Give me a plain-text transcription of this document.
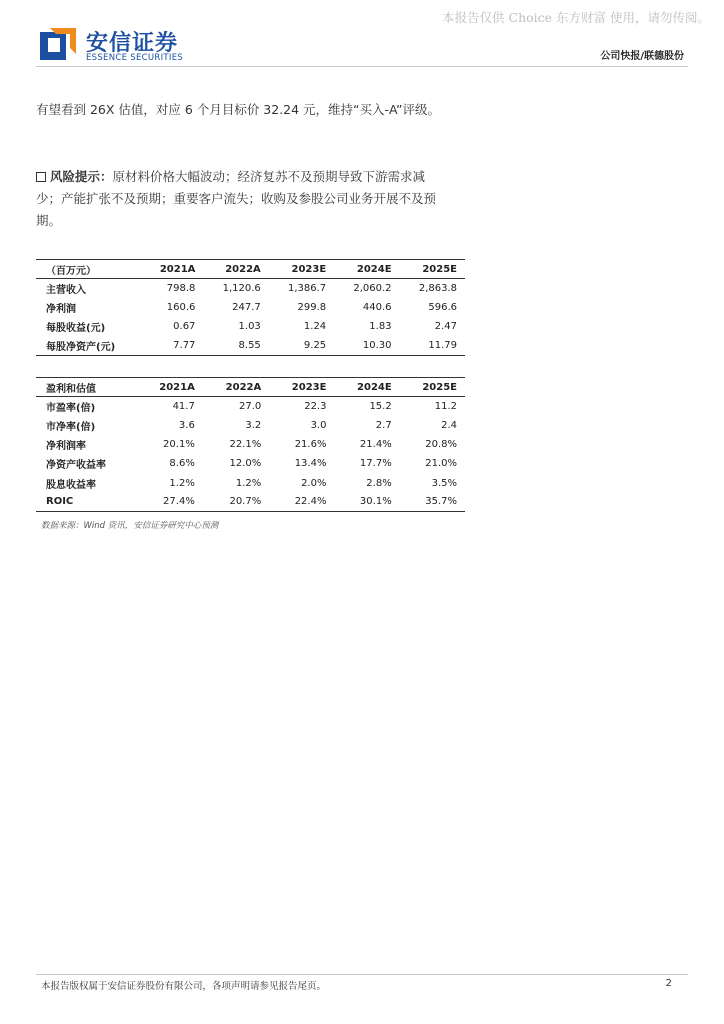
本报告仅供 Choice 东方财富 使用，请勿传阅。
安信证券
ESSENCE SECURITIES	公司快报/联德股份
有望看到 26X 估值，对应 6 个月目标价 32.24 元，维持“买入-A”评级。
风险提示：原材料价格大幅波动；经济复苏不及预期导致下游需求减少；产能扩张不及预期；重要客户流失；收购及参股公司业务开展不及预期。
（百万元）	2021A	2022A	2023E	2024E	2025E
主营收入	798.8	1,120.6	1,386.7	2,060.2	2,863.8
净利润	160.6	247.7	299.8	440.6	596.6
每股收益(元)	0.67	1.03	1.24	1.83	2.47
每股净资产(元)	7.77	8.55	9.25	10.30	11.79
盈利和估值	2021A	2022A	2023E	2024E	2025E
市盈率(倍)	41.7	27.0	22.3	15.2	11.2
市净率(倍)	3.6	3.2	3.0	2.7	2.4
净利润率	20.1%	22.1%	21.6%	21.4%	20.8%
净资产收益率	8.6%	12.0%	13.4%	17.7%	21.0%
股息收益率	1.2%	1.2%	2.0%	2.8%	3.5%
ROIC	27.4%	20.7%	22.4%	30.1%	35.7%
数据来源：Wind 资讯，安信证券研究中心预测
本报告版权属于安信证券股份有限公司，各项声明请参见报告尾页。	2
